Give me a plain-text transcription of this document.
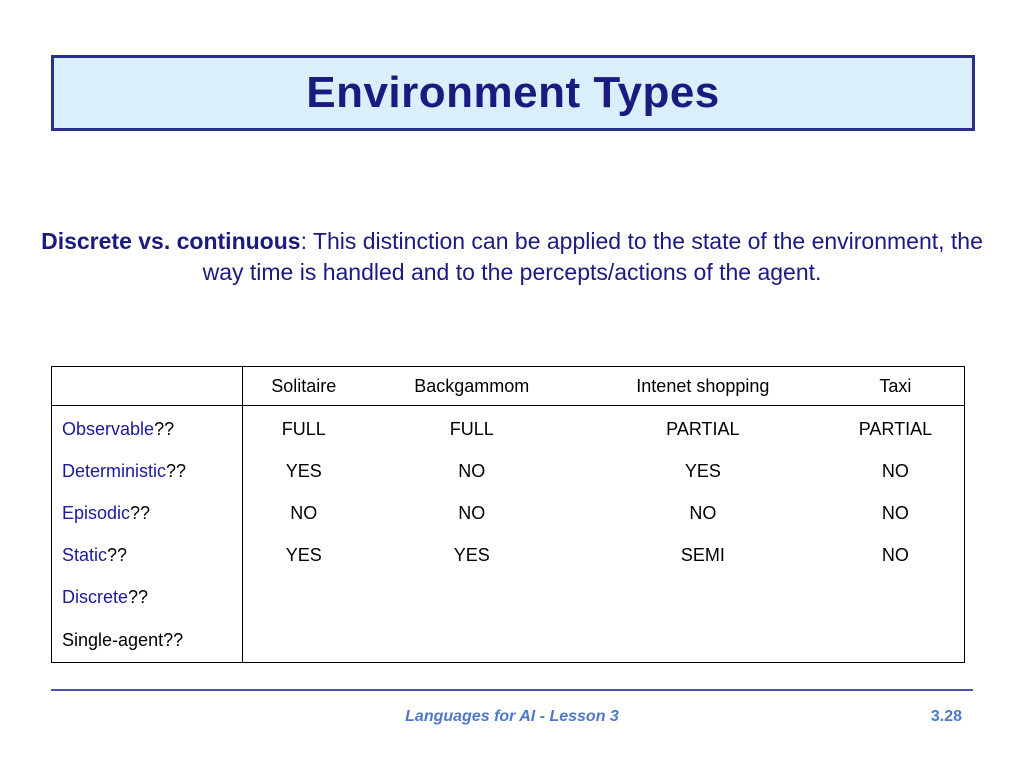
Environment Types
Discrete vs. continuous: This distinction can be applied to the state of the environment, the way time is handled and to the percepts/actions of the agent.
	Solitaire	Backgammom	Intenet shopping	Taxi
Observable??	FULL	FULL	PARTIAL	PARTIAL
Deterministic??	YES	NO	YES	NO
Episodic??	NO	NO	NO	NO
Static??	YES	YES	SEMI	NO
Discrete??				
Single-agent??				
Languages for AI - Lesson 3	3.28
